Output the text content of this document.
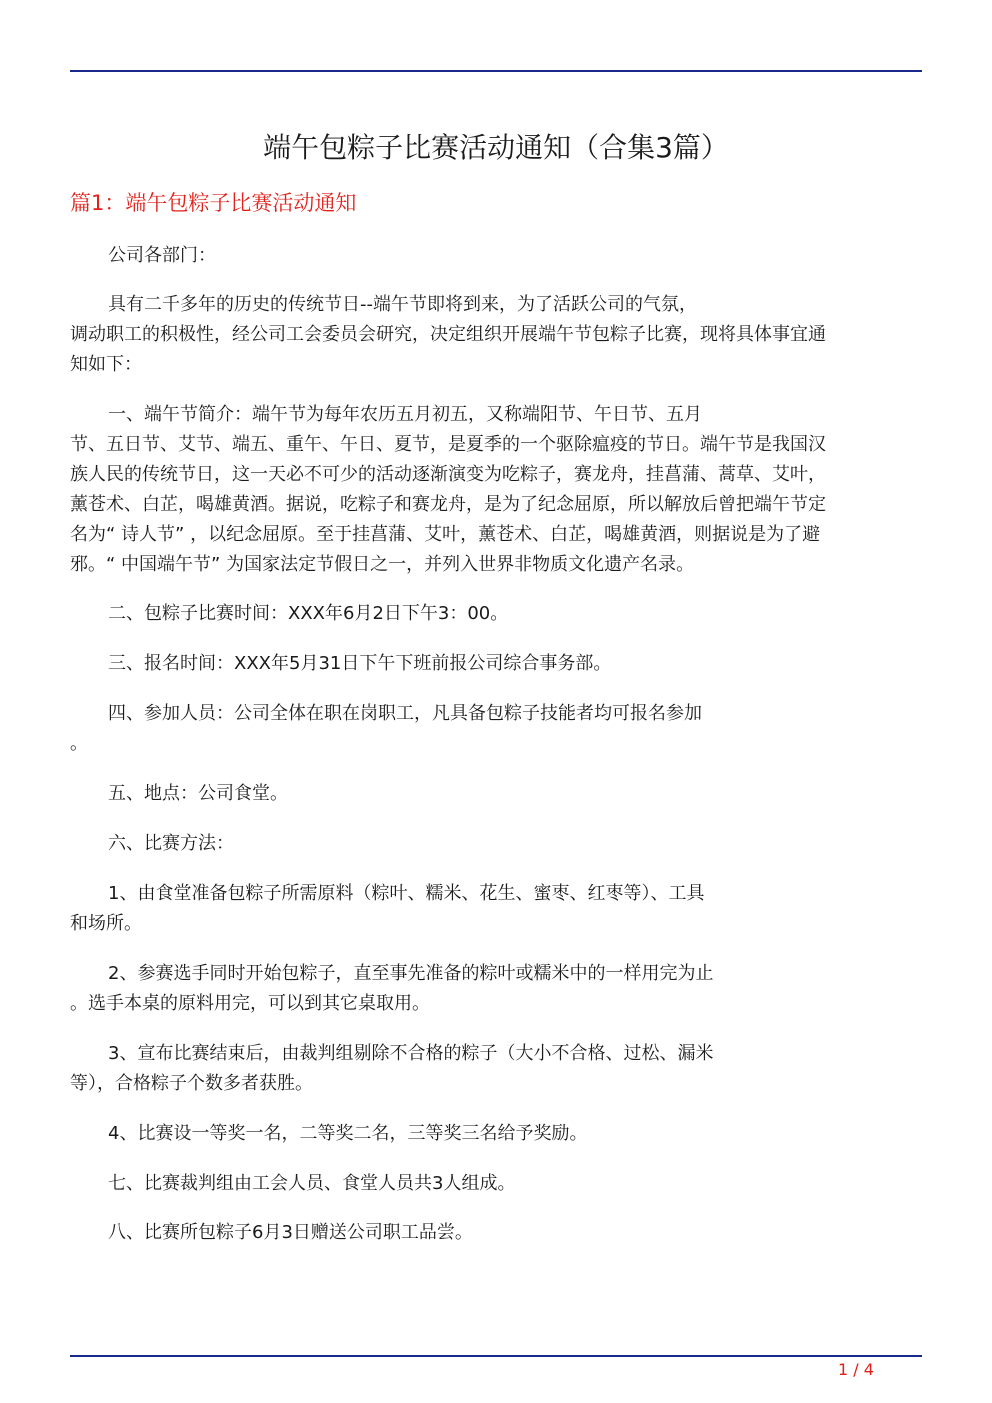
端午包粽子比赛活动通知（合集3篇）
篇1：端午包粽子比赛活动通知
公司各部门：
具有二千多年的历史的传统节日--端午节即将到来，为了活跃公司的气氛，
调动职工的积极性，经公司工会委员会研究，决定组织开展端午节包粽子比赛，现将具体事宜通
知如下：
一、端午节简介：端午节为每年农历五月初五，又称端阳节、午日节、五月
节、五日节、艾节、端五、重午、午日、夏节，是夏季的一个驱除瘟疫的节日。端午节是我国汉
族人民的传统节日，这一天必不可少的活动逐渐演变为吃粽子，赛龙舟，挂菖蒲、蒿草、艾叶，
薰苍术、白芷，喝雄黄酒。据说，吃粽子和赛龙舟，是为了纪念屈原，所以解放后曾把端午节定
名为“ 诗人节” ，以纪念屈原。至于挂菖蒲、艾叶，薰苍术、白芷，喝雄黄酒，则据说是为了避
邪。“ 中国端午节” 为国家法定节假日之一，并列入世界非物质文化遗产名录。
二、包粽子比赛时间：XXX年6月2日下午3：00。
三、报名时间：XXX年5月31日下午下班前报公司综合事务部。
四、参加人员：公司全体在职在岗职工，凡具备包粽子技能者均可报名参加
。
五、地点：公司食堂。
六、比赛方法：
1、由食堂准备包粽子所需原料（粽叶、糯米、花生、蜜枣、红枣等）、工具
和场所。
2、参赛选手同时开始包粽子，直至事先准备的粽叶或糯米中的一样用完为止
。选手本桌的原料用完，可以到其它桌取用。
3、宣布比赛结束后，由裁判组剔除不合格的粽子（大小不合格、过松、漏米
等），合格粽子个数多者获胜。
4、比赛设一等奖一名，二等奖二名，三等奖三名给予奖励。
七、比赛裁判组由工会人员、食堂人员共3人组成。
八、比赛所包粽子6月3日赠送公司职工品尝。
1 / 4
